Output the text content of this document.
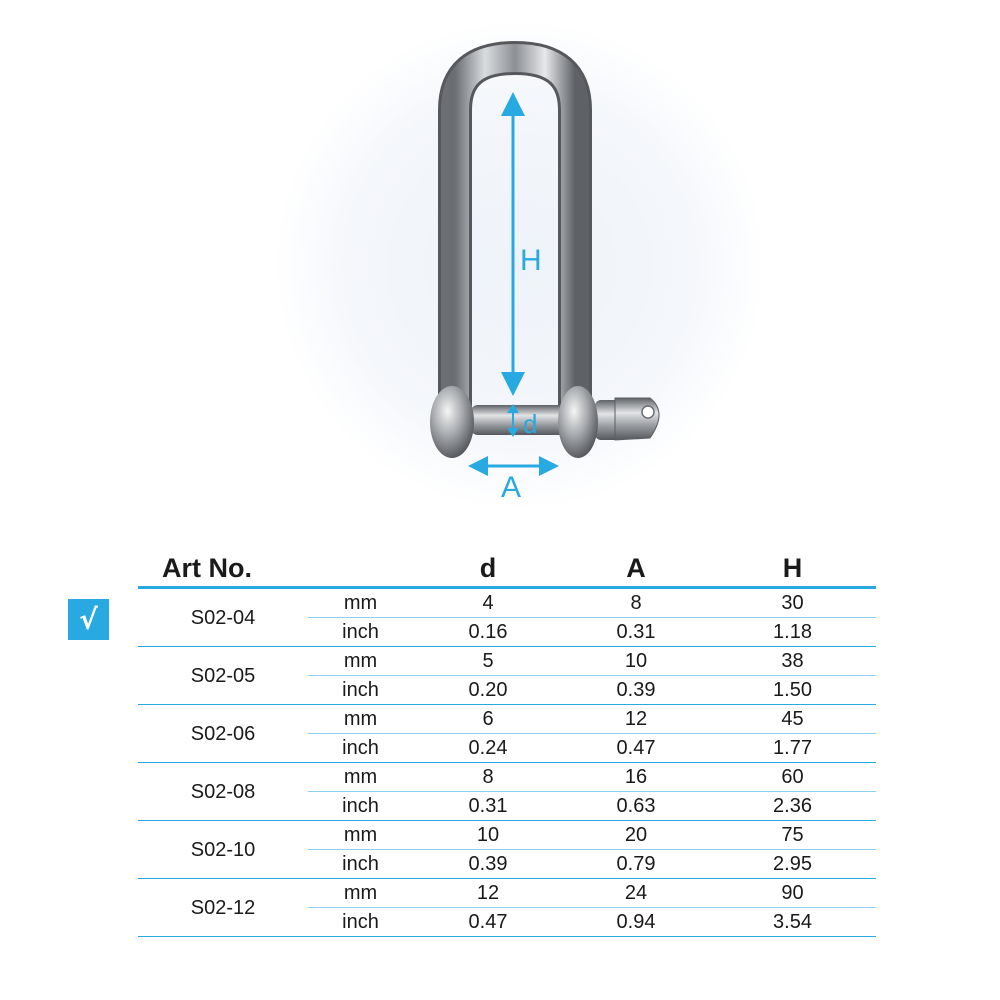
H
d
A
√
Art No.		d	A	H
S02-04	mm	4	8	30
	inch	0.16	0.31	1.18
S02-05	mm	5	10	38
	inch	0.20	0.39	1.50
S02-06	mm	6	12	45
	inch	0.24	0.47	1.77
S02-08	mm	8	16	60
	inch	0.31	0.63	2.36
S02-10	mm	10	20	75
	inch	0.39	0.79	2.95
S02-12	mm	12	24	90
	inch	0.47	0.94	3.54
